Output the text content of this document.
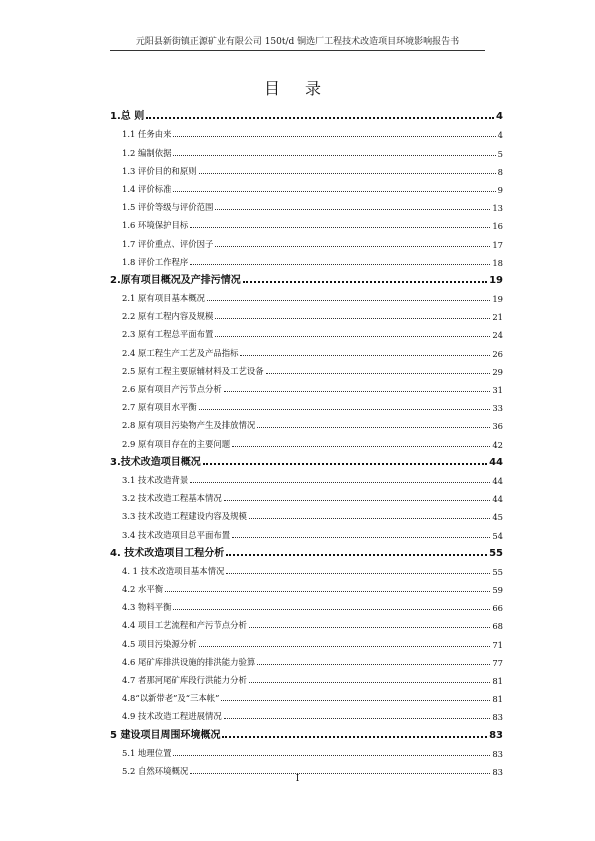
元阳县新街镇正源矿业有限公司 150t/d 铜选厂工程技术改造项目环境影响报告书
目 录
1.总 则	4
1.1 任务由来	4
1.2 编制依据	5
1.3 评价目的和原则	8
1.4 评价标准	9
1.5 评价等级与评价范围	13
1.6 环境保护目标	16
1.7 评价重点、评价因子	17
1.8 评价工作程序	18
2.原有项目概况及产排污情况	19
2.1 原有项目基本概况	19
2.2 原有工程内容及规模	21
2.3 原有工程总平面布置	24
2.4 原工程生产工艺及产品指标	26
2.5 原有工程主要原辅材料及工艺设备	29
2.6 原有项目产污节点分析	31
2.7 原有项目水平衡	33
2.8 原有项目污染物产生及排放情况	36
2.9 原有项目存在的主要问题	42
3.技术改造项目概况	44
3.1 技术改造背景	44
3.2 技术改造工程基本情况	44
3.3 技术改造工程建设内容及规模	45
3.4 技术改造项目总平面布置	54
4. 技术改造项目工程分析	55
4. 1 技术改造项目基本情况	55
4.2 水平衡	59
4.3 物料平衡	66
4.4 项目工艺流程和产污节点分析	68
4.5 项目污染源分析	71
4.6 尾矿库排洪设施的排洪能力验算	77
4.7 者那河尾矿库段行洪能力分析	81
4.8“以新带老”及“三本帐”	81
4.9 技术改造工程进展情况	83
5 建设项目周围环境概况	83
5.1 地理位置	83
5.2 自然环境概况	83
I
